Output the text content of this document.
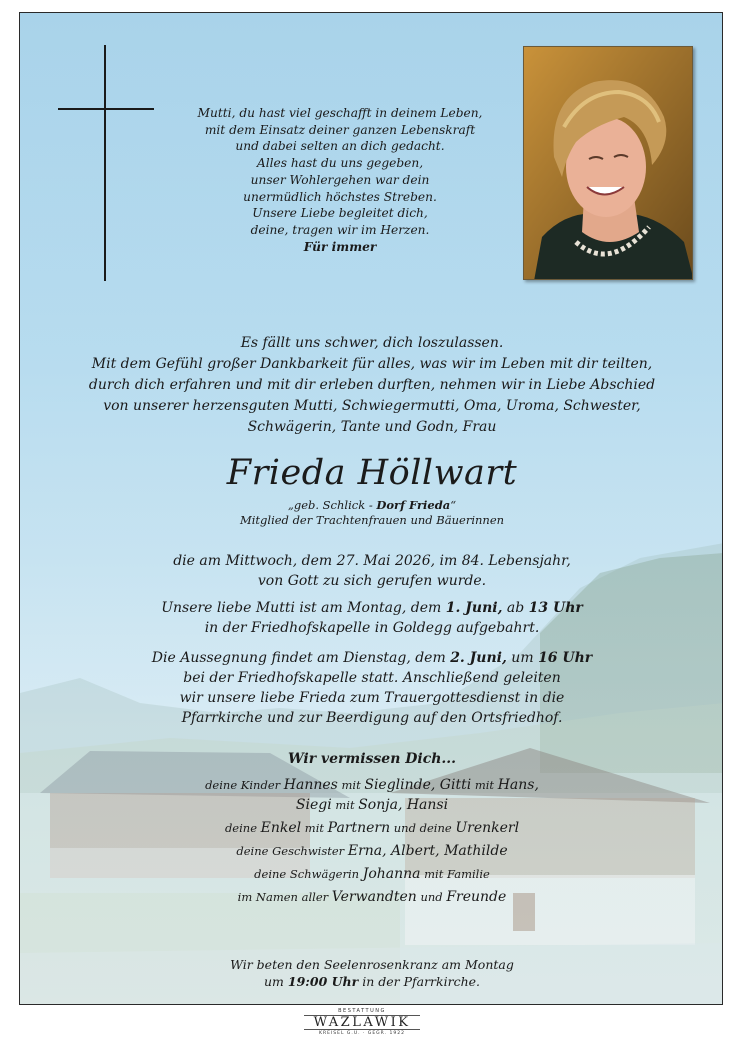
Mutti, du hast viel geschafft in deinem Leben,
mit dem Einsatz deiner ganzen Lebenskraft
und dabei selten an dich gedacht.
Alles hast du uns gegeben,
unser Wohlergehen war dein
unermüdlich höchstes Streben.
Unsere Liebe begleitet dich,
deine, tragen wir im Herzen.
Für immer
Es fällt uns schwer, dich loszulassen.
Mit dem Gefühl großer Dankbarkeit für alles, was wir im Leben mit dir teilten,
durch dich erfahren und mit dir erleben durften, nehmen wir in Liebe Abschied
von unserer herzensguten Mutti, Schwiegermutti, Oma, Uroma, Schwester,
Schwägerin, Tante und Godn, Frau
Frieda Höllwart
„geb. Schlick - Dorf Frieda“
Mitglied der Trachtenfrauen und Bäuerinnen
die am Mittwoch, dem 27. Mai 2026, im 84. Lebensjahr,
von Gott zu sich gerufen wurde.
Unsere liebe Mutti ist am Montag, dem 1. Juni, ab 13 Uhr
in der Friedhofskapelle in Goldegg aufgebahrt.
Die Aussegnung findet am Dienstag, dem 2. Juni, um 16 Uhr
bei der Friedhofskapelle statt. Anschließend geleiten
wir unsere liebe Frieda zum Trauergottesdienst in die
Pfarrkirche und zur Beerdigung auf den Ortsfriedhof.
Wir vermissen Dich...
deine Kinder Hannes mit Sieglinde, Gitti mit Hans,
Siegi mit Sonja, Hansi
deine Enkel mit Partnern und deine Urenkerl
deine Geschwister Erna, Albert, Mathilde
deine Schwägerin Johanna mit Familie
im Namen aller Verwandten und Freunde
Wir beten den Seelenrosenkranz am Montag
um 19:00 Uhr in der Pfarrkirche.
BESTATTUNG
WAZLAWIK
KREISEL G.U. · GEGR. 1922
